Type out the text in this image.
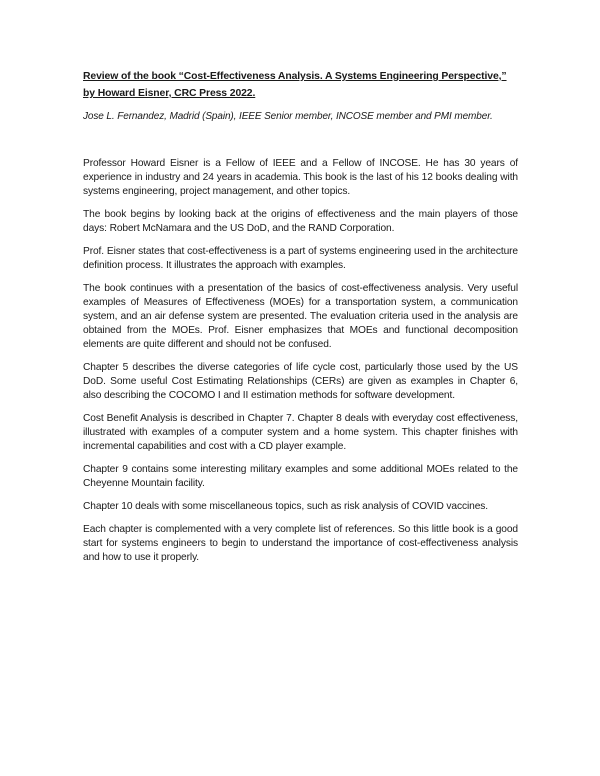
Review of the book “Cost-Effectiveness Analysis. A Systems Engineering Perspective,” by Howard Eisner, CRC Press 2022.

Jose L. Fernandez, Madrid (Spain), IEEE Senior member, INCOSE member and PMI member.

Professor Howard Eisner is a Fellow of IEEE and a Fellow of INCOSE. He has 30 years of experience in industry and 24 years in academia. This book is the last of his 12 books dealing with systems engineering, project management, and other topics.

The book begins by looking back at the origins of effectiveness and the main players of those days: Robert McNamara and the US DoD, and the RAND Corporation.

Prof. Eisner states that cost-effectiveness is a part of systems engineering used in the architecture definition process. It illustrates the approach with examples.

The book continues with a presentation of the basics of cost-effectiveness analysis. Very useful examples of Measures of Effectiveness (MOEs) for a transportation system, a communication system, and an air defense system are presented. The evaluation criteria used in the analysis are obtained from the MOEs. Prof. Eisner emphasizes that MOEs and functional decomposition elements are quite different and should not be confused.

Chapter 5 describes the diverse categories of life cycle cost, particularly those used by the US DoD. Some useful Cost Estimating Relationships (CERs) are given as examples in Chapter 6, also describing the COCOMO I and II estimation methods for software development.

Cost Benefit Analysis is described in Chapter 7. Chapter 8 deals with everyday cost effectiveness, illustrated with examples of a computer system and a home system. This chapter finishes with incremental capabilities and cost with a CD player example.

Chapter 9 contains some interesting military examples and some additional MOEs related to the Cheyenne Mountain facility.

Chapter 10 deals with some miscellaneous topics, such as risk analysis of COVID vaccines.

Each chapter is complemented with a very complete list of references. So this little book is a good start for systems engineers to begin to understand the importance of cost-effectiveness analysis and how to use it properly.
